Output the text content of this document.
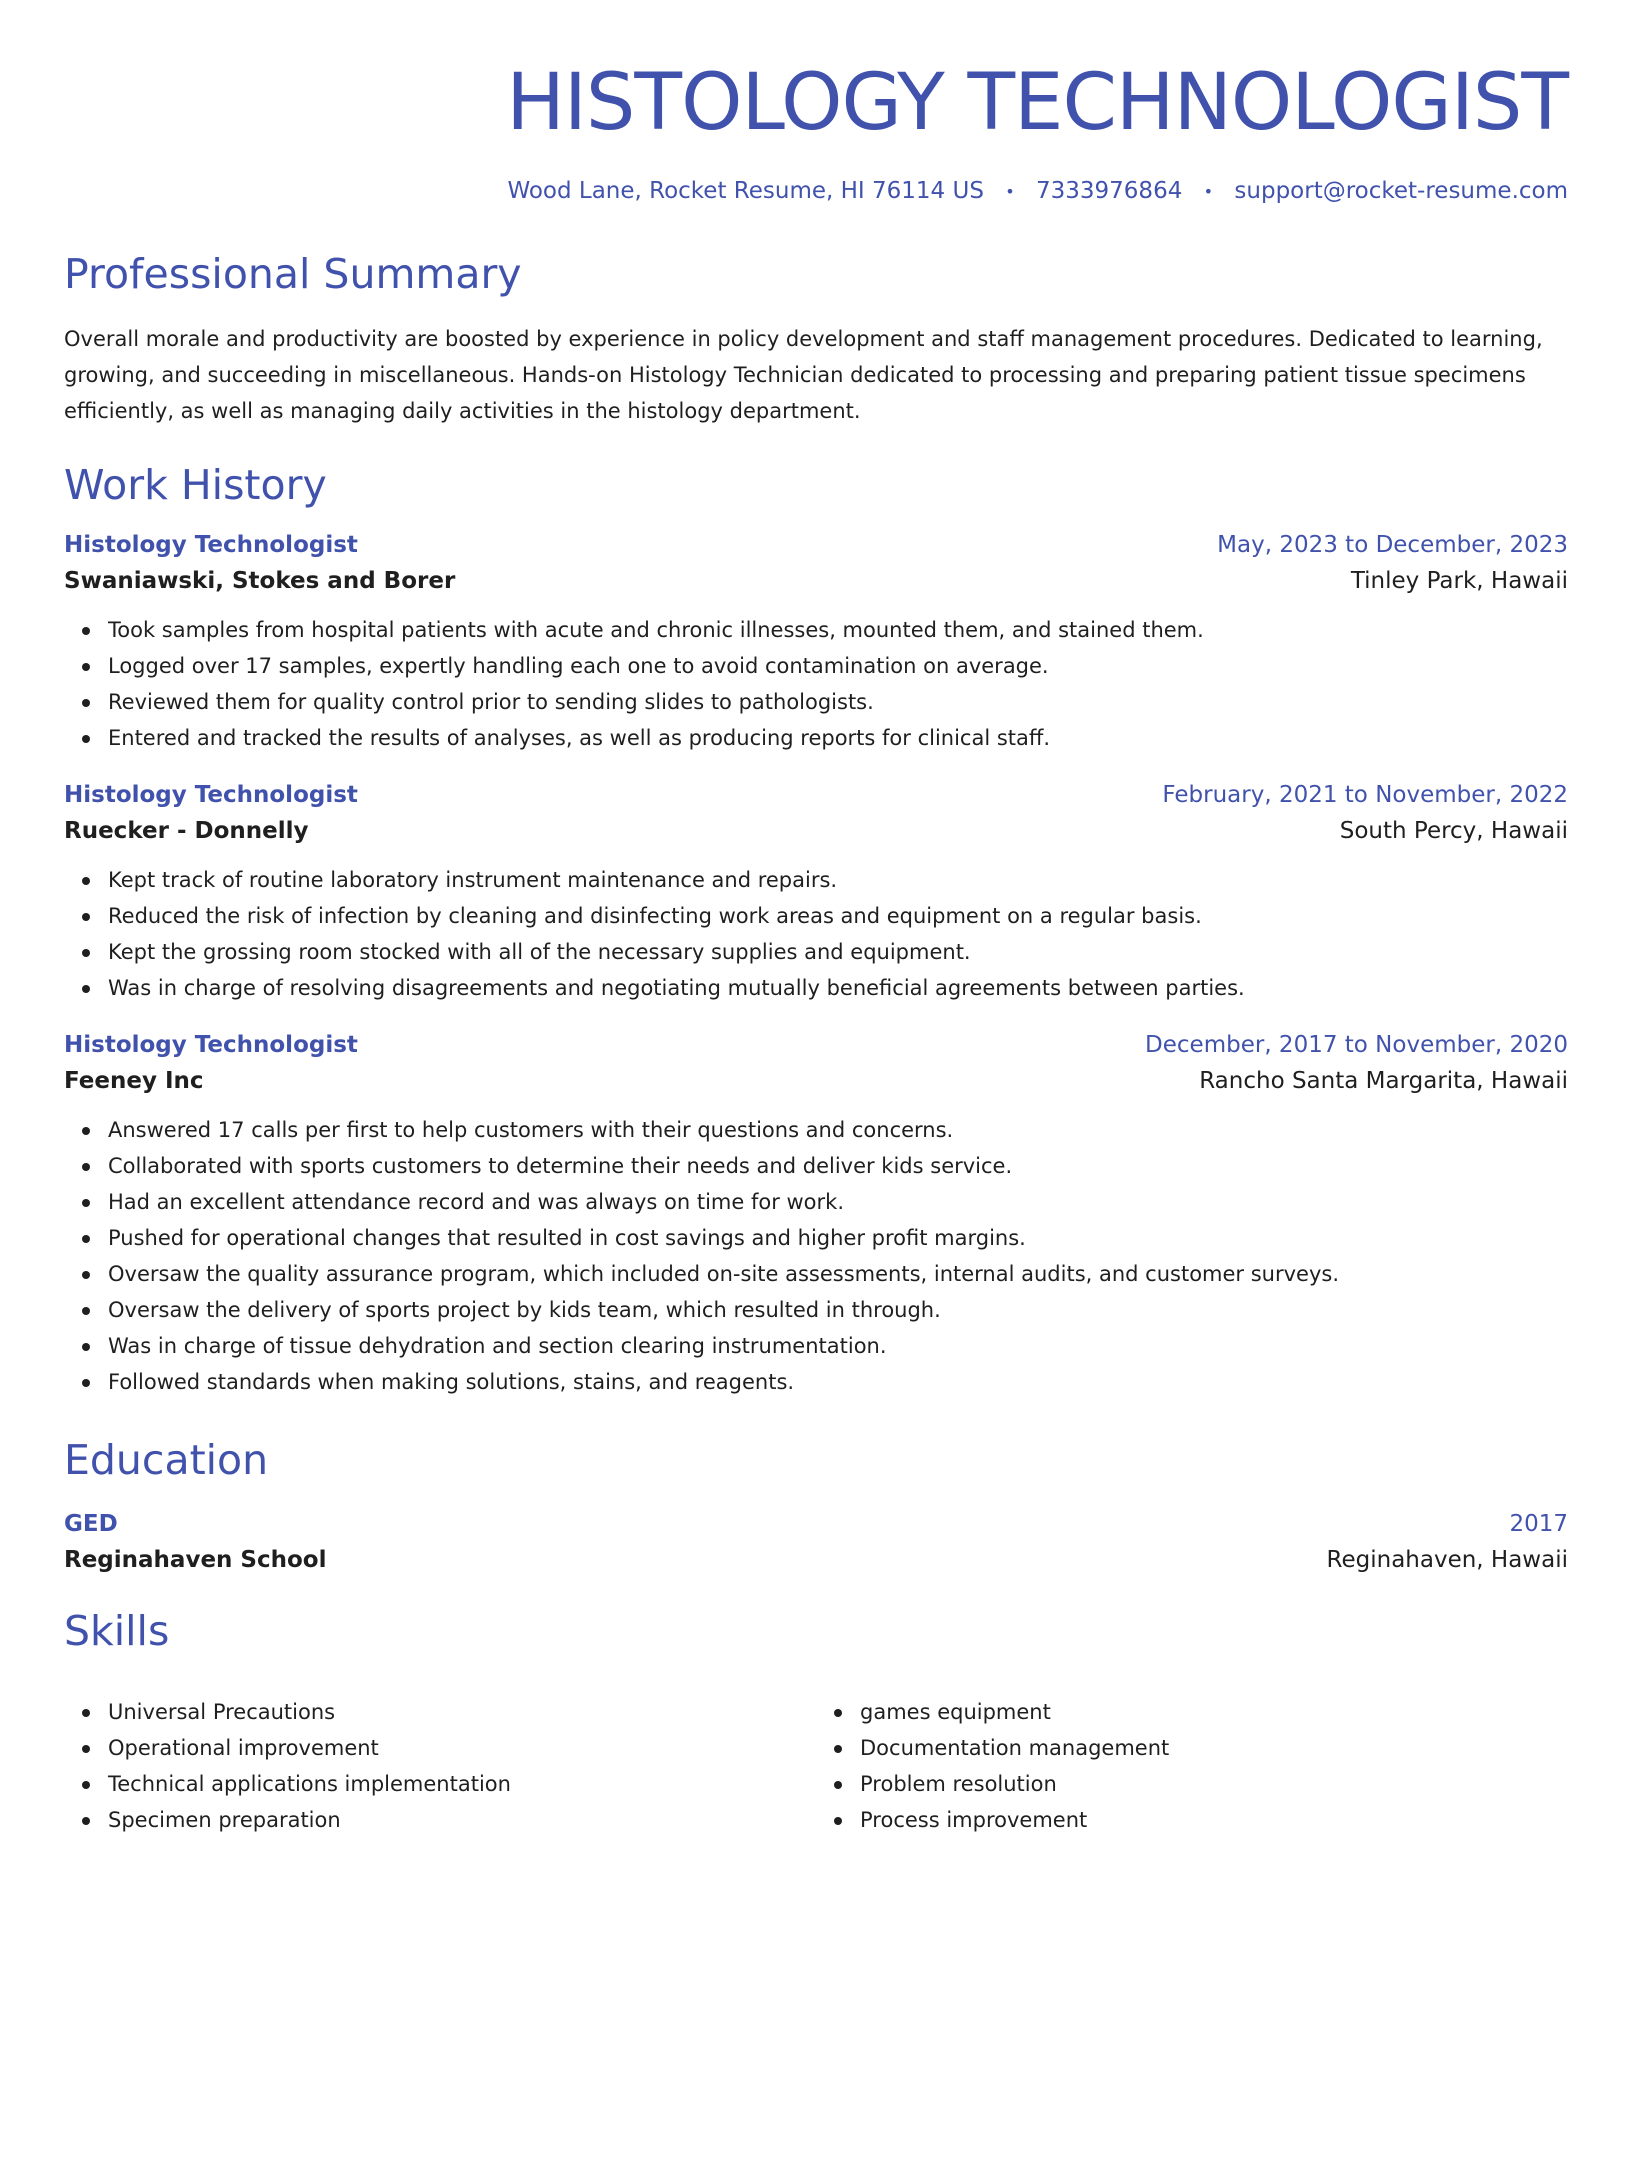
HISTOLOGY TECHNOLOGIST
Wood Lane, Rocket Resume, HI 76114 US • 7333976864 • support@rocket-resume.com
Professional Summary
Overall morale and productivity are boosted by experience in policy development and staff management procedures. Dedicated to learning, growing, and succeeding in miscellaneous. Hands-on Histology Technician dedicated to processing and preparing patient tissue specimens efficiently, as well as managing daily activities in the histology department.
Work History
Histology Technologist	May, 2023 to December, 2023
Swaniawski, Stokes and Borer	Tinley Park, Hawaii
Took samples from hospital patients with acute and chronic illnesses, mounted them, and stained them.
Logged over 17 samples, expertly handling each one to avoid contamination on average.
Reviewed them for quality control prior to sending slides to pathologists.
Entered and tracked the results of analyses, as well as producing reports for clinical staff.
Histology Technologist	February, 2021 to November, 2022
Ruecker - Donnelly	South Percy, Hawaii
Kept track of routine laboratory instrument maintenance and repairs.
Reduced the risk of infection by cleaning and disinfecting work areas and equipment on a regular basis.
Kept the grossing room stocked with all of the necessary supplies and equipment.
Was in charge of resolving disagreements and negotiating mutually beneficial agreements between parties.
Histology Technologist	December, 2017 to November, 2020
Feeney Inc	Rancho Santa Margarita, Hawaii
Answered 17 calls per first to help customers with their questions and concerns.
Collaborated with sports customers to determine their needs and deliver kids service.
Had an excellent attendance record and was always on time for work.
Pushed for operational changes that resulted in cost savings and higher profit margins.
Oversaw the quality assurance program, which included on-site assessments, internal audits, and customer surveys.
Oversaw the delivery of sports project by kids team, which resulted in through.
Was in charge of tissue dehydration and section clearing instrumentation.
Followed standards when making solutions, stains, and reagents.
Education
GED	2017
Reginahaven School	Reginahaven, Hawaii
Skills
Universal Precautions
Operational improvement
Technical applications implementation
Specimen preparation
games equipment
Documentation management
Problem resolution
Process improvement
